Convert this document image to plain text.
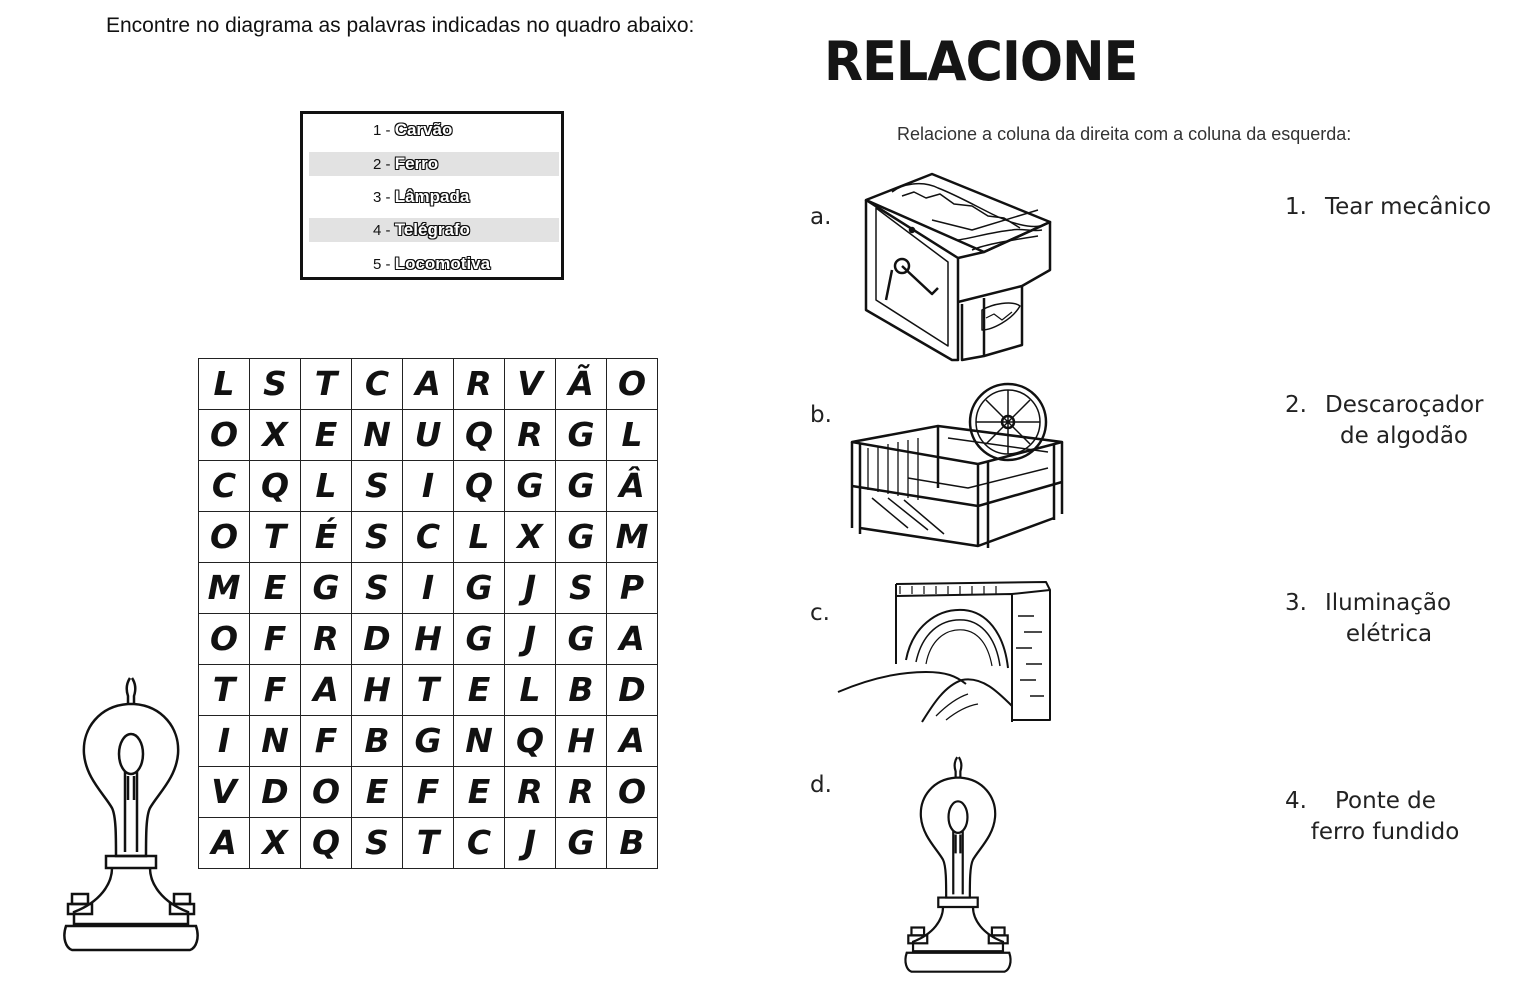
Encontre no diagrama as palavras indicadas no quadro abaixo:
1 - Carvão
2 - Ferro
3 - Lâmpada
4 - Telégrafo
5 - Locomotiva
L	S	T	C	A	R	V	Ã	O
O	X	E	N	U	Q	R	G	L
C	Q	L	S	I	Q	G	G	Â
O	T	É	S	C	L	X	G	M
M	E	G	S	I	G	J	S	P
O	F	R	D	H	G	J	G	A
T	F	A	H	T	E	L	B	D
I	N	F	B	G	N	Q	H	A
V	D	O	E	F	E	R	R	O
A	X	Q	S	T	C	J	G	B
RELACIONE
Relacione a coluna da direita com a coluna da esquerda:
a.
b.
c.
d.
1. Tear mecânico
2. Descaroçador
de algodão
3. Iluminação
elétrica
4. Ponte de
ferro fundido
